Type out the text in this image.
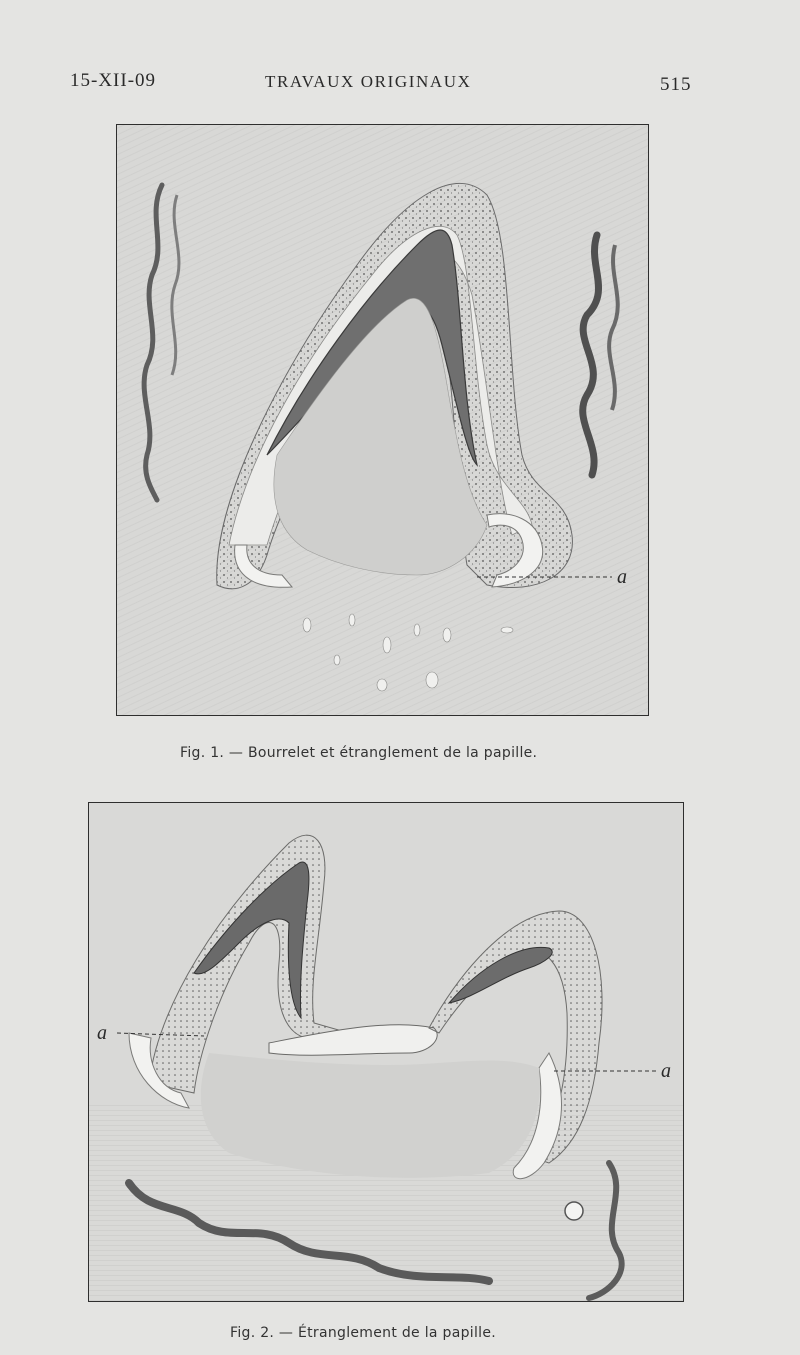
15-XII-09	TRAVAUX ORIGINAUX	515
a
Fig. 1. — Bourrelet et étranglement de la papille.
a
a
Fig. 2. — Étranglement de la papille.
